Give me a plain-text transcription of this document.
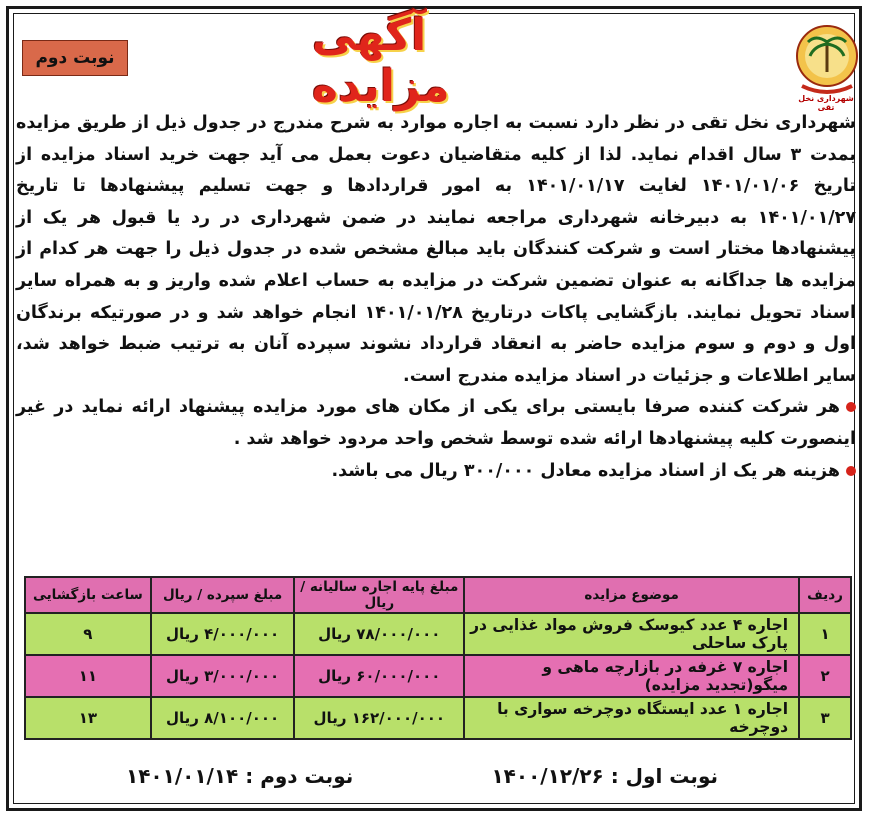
نوبت دوم	آگهی مزایده	شهرداری نخل تقی

شهرداری نخل تقی در نظر دارد نسبت به اجاره موارد به شرح مندرج در جدول ذیل از طریق مزایده بمدت ۳ سال اقدام نماید. لذا از کلیه متقاضیان دعوت بعمل می آید جهت خرید اسناد مزایده از تاریخ ۱۴۰۱/۰۱/۰۶ لغایت ۱۴۰۱/۰۱/۱۷ به امور قراردادها و جهت تسلیم پیشنهادها تا تاریخ ۱۴۰۱/۰۱/۲۷ به دبیرخانه شهرداری مراجعه نمایند در ضمن شهرداری در رد یا قبول هر یک از پیشنهادها مختار است و شرکت کنندگان باید مبالغ مشخص شده در جدول ذیل را جهت هر کدام از مزایده ها جداگانه به عنوان تضمین شرکت در مزایده به حساب اعلام شده واریز و به همراه سایر اسناد تحویل نمایند. بازگشایی پاکات درتاریخ ۱۴۰۱/۰۱/۲۸ انجام خواهد شد و در صورتیکه برندگان اول و دوم و سوم مزایده حاضر به انعقاد قرارداد نشوند سپرده آنان به ترتیب ضبط خواهد شد، سایر اطلاعات و جزئیات در اسناد مزایده مندرج است.

هر شرکت کننده صرفا بایستی برای یکی از مکان های مورد مزایده پیشنهاد ارائه نماید در غیر اینصورت کلیه پیشنهادها ارائه شده توسط شخص واحد مردود خواهد شد .

هزینه هر یک از اسناد مزایده معادل ۳۰۰/۰۰۰ ریال می باشد.

ردیف	موضوع مزایده	مبلغ پایه اجاره سالیانه / ریال	مبلغ سپرده / ریال	ساعت بازگشایی
۱	اجاره ۴ عدد کیوسک فروش مواد غذایی در پارک ساحلی	۷۸/۰۰۰/۰۰۰ ریال	۴/۰۰۰/۰۰۰ ریال	۹
۲	اجاره ۷ غرفه در بازارچه ماهی و میگو(تجدید مزایده)	۶۰/۰۰۰/۰۰۰ ریال	۳/۰۰۰/۰۰۰ ریال	۱۱
۳	اجاره ۱ عدد ایستگاه دوچرخه سواری با دوچرخه	۱۶۲/۰۰۰/۰۰۰ ریال	۸/۱۰۰/۰۰۰ ریال	۱۳
نوبت اول : ۱۴۰۰/۱۲/۲۶
نوبت دوم : ۱۴۰۱/۰۱/۱۴
